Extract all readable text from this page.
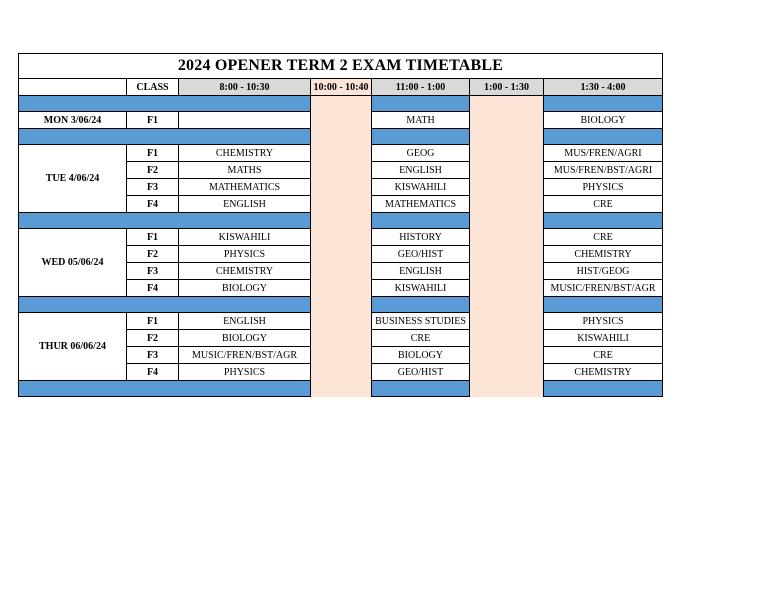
2024 OPENER TERM 2 EXAM TIMETABLE						
	CLASS	8:00 - 10:30	10:00 - 10:40	11:00 - 1:00	1:00 - 1:30	1:30 - 4:00

MON 3/06/24	F1			MATH		BIOLOGY

TUE 4/06/24	F1	CHEMISTRY		GEOG		MUS/FREN/AGRI
	F2	MATHS		ENGLISH		MUS/FREN/BST/AGRI
	F3	MATHEMATICS		KISWAHILI		PHYSICS
	F4	ENGLISH		MATHEMATICS		CRE

WED 05/06/24	F1	KISWAHILI		HISTORY		CRE
	F2	PHYSICS		GEO/HIST		CHEMISTRY
	F3	CHEMISTRY		ENGLISH		HIST/GEOG
	F4	BIOLOGY		KISWAHILI		MUSIC/FREN/BST/AGR

THUR 06/06/24	F1	ENGLISH		BUSINESS STUDIES		PHYSICS
	F2	BIOLOGY		CRE		KISWAHILI
	F3	MUSIC/FREN/BST/AGR		BIOLOGY		CRE
	F4	PHYSICS		GEO/HIST		CHEMISTRY
